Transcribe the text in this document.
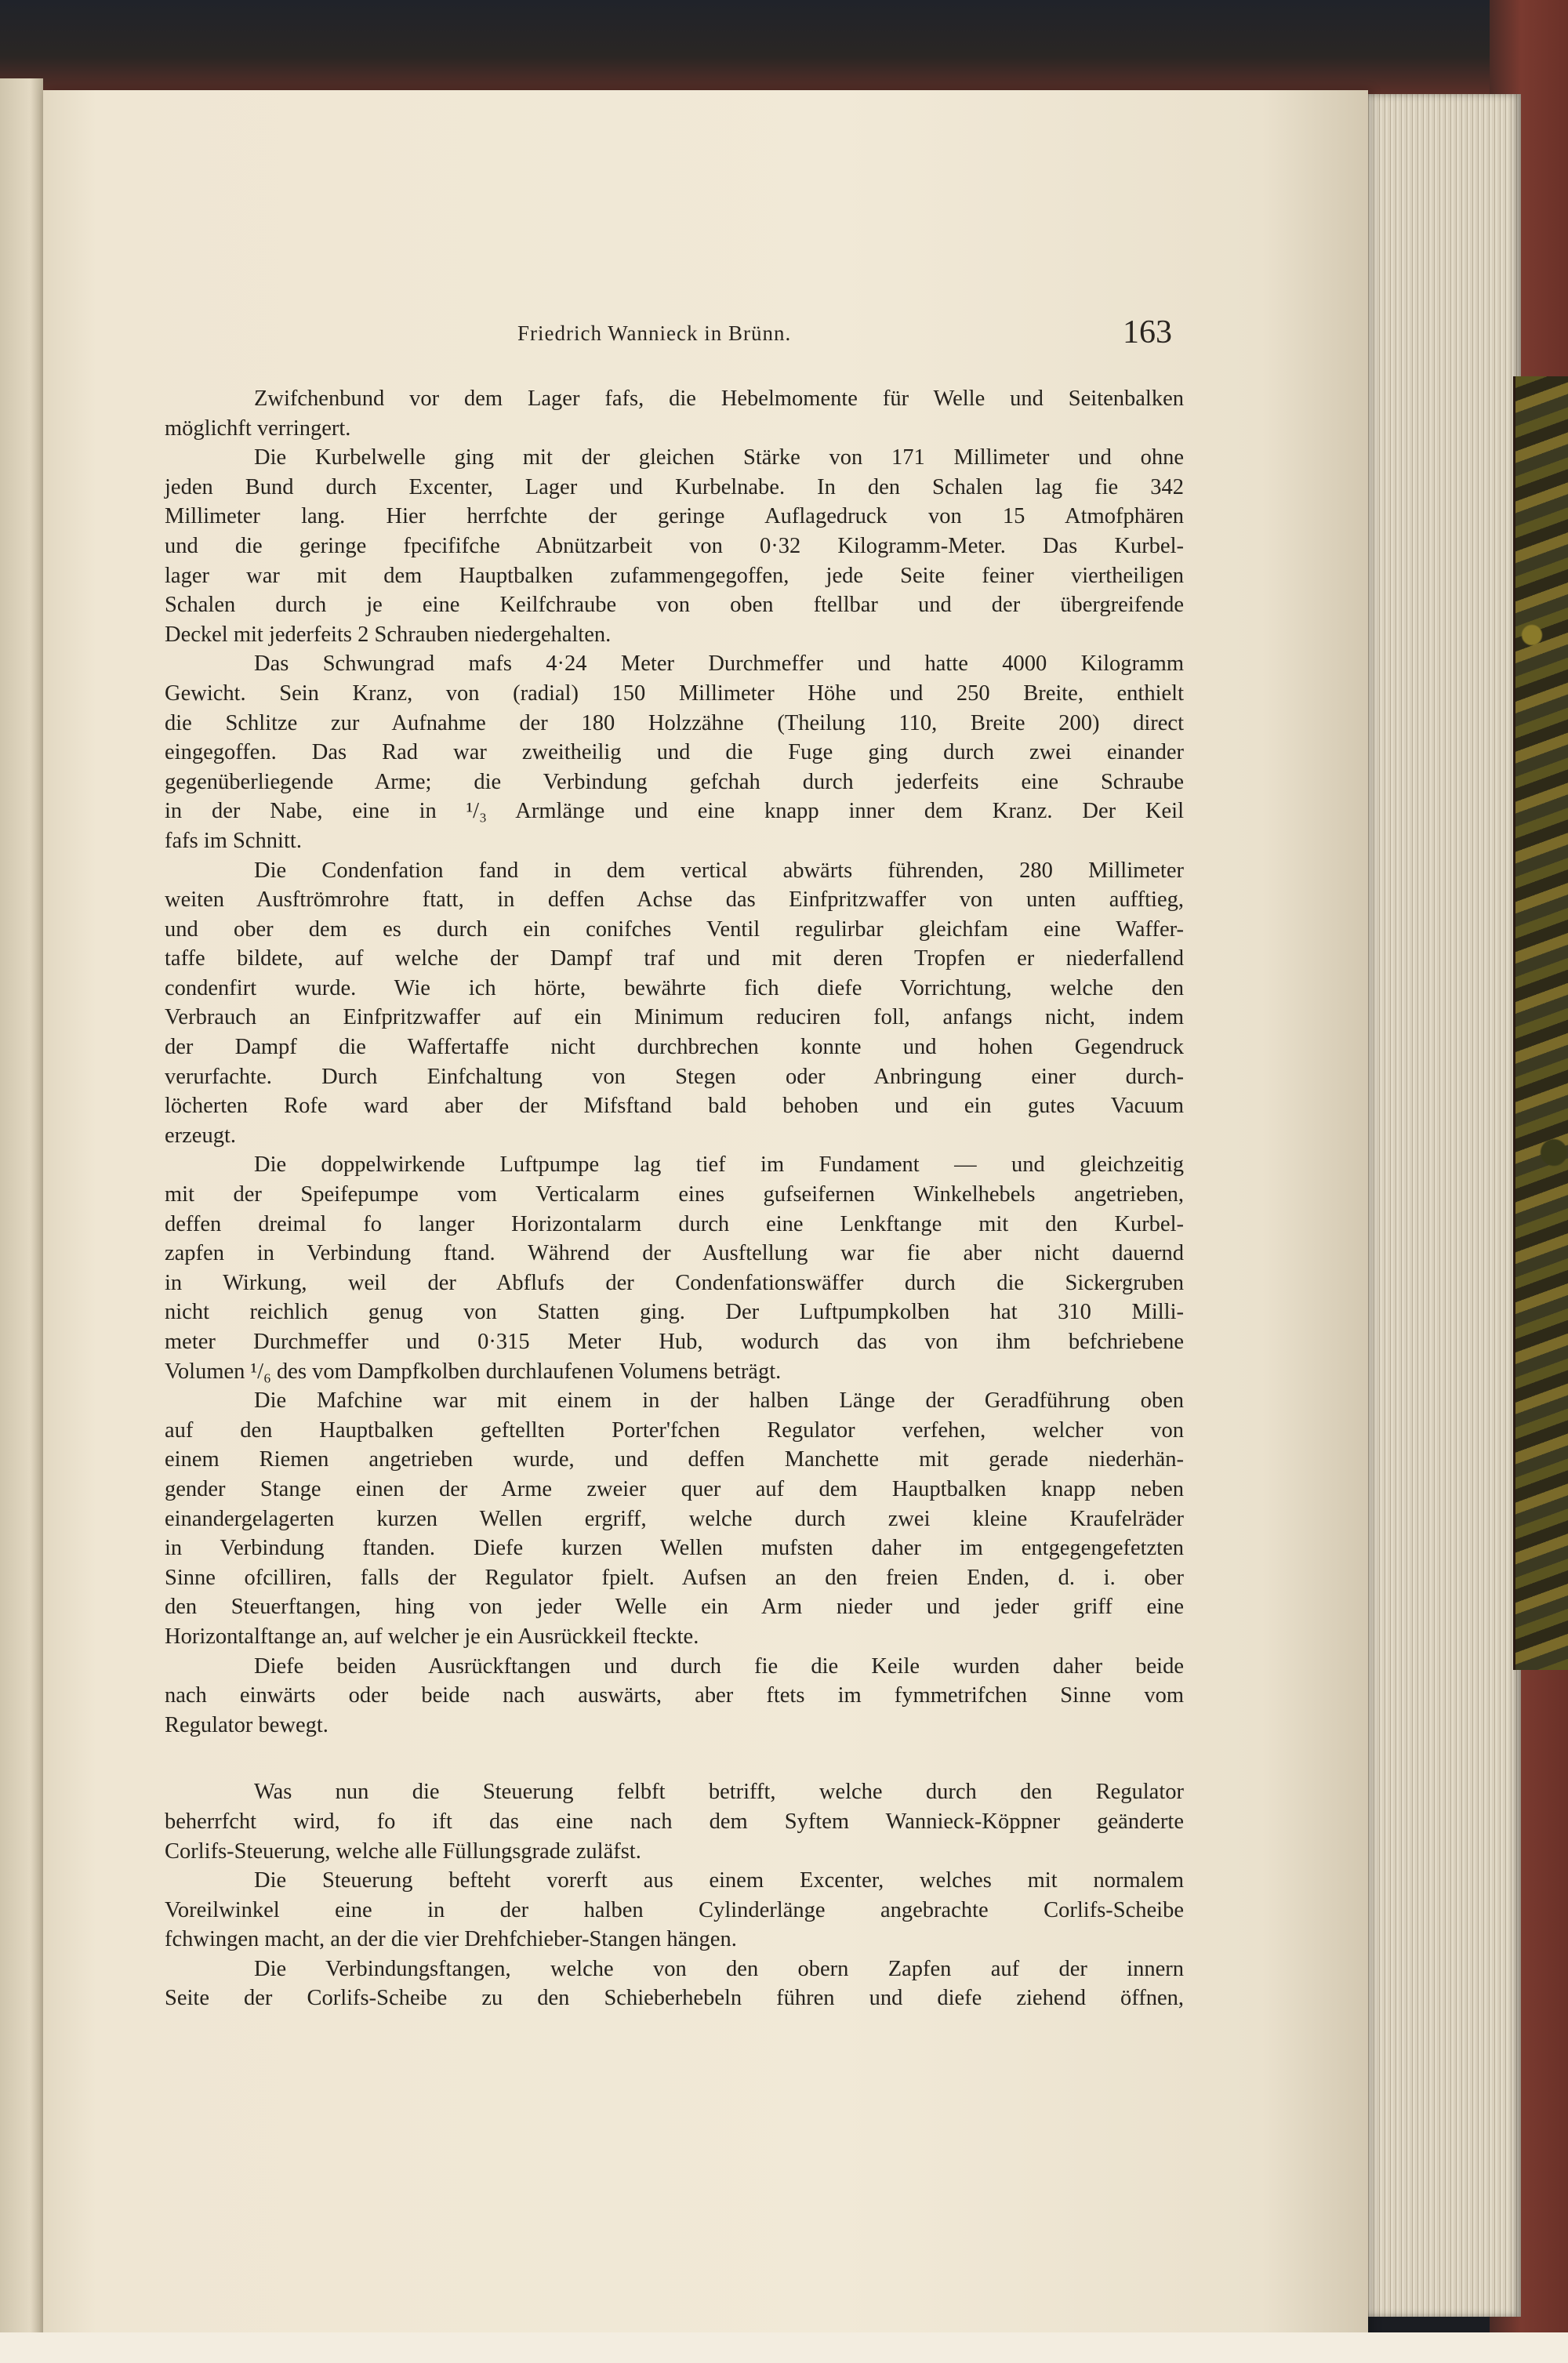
Friedrich Wannieck in Brünn.	163
Zwifchenbund vor dem Lager fafs, die Hebelmomente für Welle und Seitenbalken
möglichft verringert.
Die Kurbelwelle ging mit der gleichen Stärke von 171 Millimeter und ohne
jeden Bund durch Excenter, Lager und Kurbelnabe. In den Schalen lag fie 342
Millimeter lang. Hier herrfchte der geringe Auflagedruck von 15 Atmofphären
und die geringe fpecififche Abnützarbeit von 0·32 Kilogramm-Meter. Das Kurbel-
lager war mit dem Hauptbalken zufammengegoffen, jede Seite feiner viertheiligen
Schalen durch je eine Keilfchraube von oben ftellbar und der übergreifende
Deckel mit jederfeits 2 Schrauben niedergehalten.
Das Schwungrad mafs 4·24 Meter Durchmeffer und hatte 4000 Kilogramm
Gewicht. Sein Kranz, von (radial) 150 Millimeter Höhe und 250 Breite, enthielt
die Schlitze zur Aufnahme der 180 Holzzähne (Theilung 110, Breite 200) direct
eingegoffen. Das Rad war zweitheilig und die Fuge ging durch zwei einander
gegenüberliegende Arme; die Verbindung gefchah durch jederfeits eine Schraube
in der Nabe, eine in ¹/₃ Armlänge und eine knapp inner dem Kranz. Der Keil
fafs im Schnitt.
Die Condenfation fand in dem vertical abwärts führenden, 280 Millimeter
weiten Ausftrömrohre ftatt, in deffen Achse das Einfpritzwaffer von unten aufftieg,
und ober dem es durch ein conifches Ventil regulirbar gleichfam eine Waffer-
taffe bildete, auf welche der Dampf traf und mit deren Tropfen er niederfallend
condenfirt wurde. Wie ich hörte, bewährte fich diefe Vorrichtung, welche den
Verbrauch an Einfpritzwaffer auf ein Minimum reduciren foll, anfangs nicht, indem
der Dampf die Waffertaffe nicht durchbrechen konnte und hohen Gegendruck
verurfachte. Durch Einfchaltung von Stegen oder Anbringung einer durch-
löcherten Rofe ward aber der Mifsftand bald behoben und ein gutes Vacuum
erzeugt.
Die doppelwirkende Luftpumpe lag tief im Fundament — und gleichzeitig
mit der Speifepumpe vom Verticalarm eines gufseifernen Winkelhebels angetrieben,
deffen dreimal fo langer Horizontalarm durch eine Lenkftange mit den Kurbel-
zapfen in Verbindung ftand. Während der Ausftellung war fie aber nicht dauernd
in Wirkung, weil der Abflufs der Condenfationswäffer durch die Sickergruben
nicht reichlich genug von Statten ging. Der Luftpumpkolben hat 310 Milli-
meter Durchmeffer und 0·315 Meter Hub, wodurch das von ihm befchriebene
Volumen ¹/₆ des vom Dampfkolben durchlaufenen Volumens beträgt.
Die Mafchine war mit einem in der halben Länge der Geradführung oben
auf den Hauptbalken geftellten Porter'fchen Regulator verfehen, welcher von
einem Riemen angetrieben wurde, und deffen Manchette mit gerade niederhän-
gender Stange einen der Arme zweier quer auf dem Hauptbalken knapp neben
einandergelagerten kurzen Wellen ergriff, welche durch zwei kleine Kraufelräder
in Verbindung ftanden. Diefe kurzen Wellen mufsten daher im entgegengefetzten
Sinne ofcilliren, falls der Regulator fpielt. Aufsen an den freien Enden, d. i. ober
den Steuerftangen, hing von jeder Welle ein Arm nieder und jeder griff eine
Horizontalftange an, auf welcher je ein Ausrückkeil fteckte.
Diefe beiden Ausrückftangen und durch fie die Keile wurden daher beide
nach einwärts oder beide nach auswärts, aber ftets im fymmetrifchen Sinne vom
Regulator bewegt.
Was nun die Steuerung felbft betrifft, welche durch den Regulator
beherrfcht wird, fo ift das eine nach dem Syftem Wannieck-Köppner geänderte
Corlifs-Steuerung, welche alle Füllungsgrade zuläfst.
Die Steuerung befteht vorerft aus einem Excenter, welches mit normalem
Voreilwinkel eine in der halben Cylinderlänge angebrachte Corlifs-Scheibe
fchwingen macht, an der die vier Drehfchieber-Stangen hängen.
Die Verbindungsftangen, welche von den obern Zapfen auf der innern
Seite der Corlifs-Scheibe zu den Schieberhebeln führen und diefe ziehend öffnen,
